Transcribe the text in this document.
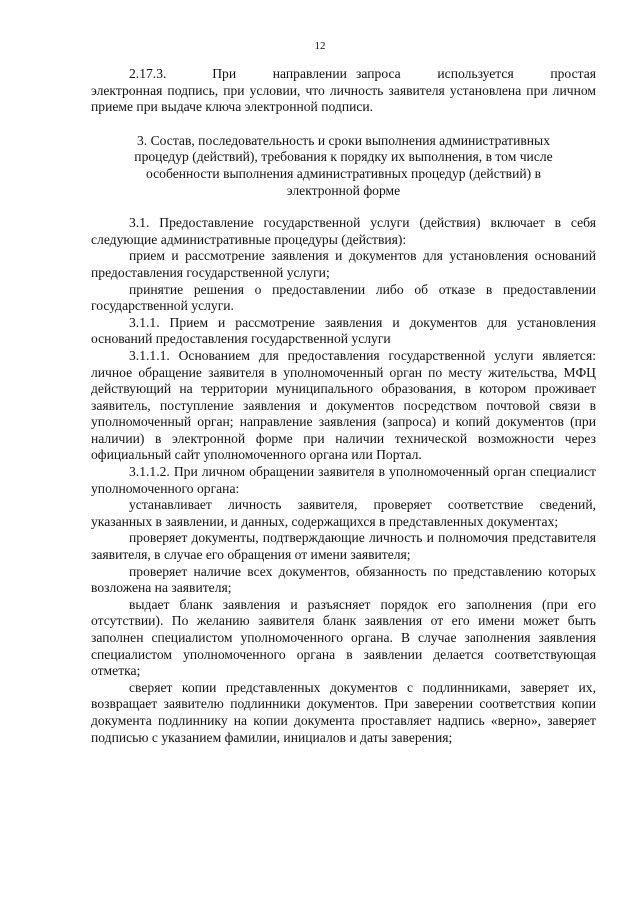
12

2.17.3.          При        направлении  запроса        используется        простая

электронная подпись, при условии, что личность заявителя установлена при личном приеме при выдаче ключа электронной подписи.

3. Состав, последовательность и сроки выполнения административных
процедур (действий), требования к порядку их выполнения, в том числе
особенности выполнения административных процедур (действий) в
электронной форме

3.1. Предоставление государственной услуги (действия) включает в себя следующие административные процедуры (действия):

прием и рассмотрение заявления и документов для установления оснований предоставления государственной услуги;

принятие решения о предоставлении либо об отказе в предоставлении государственной услуги.

3.1.1. Прием и рассмотрение заявления и документов для установления оснований предоставления государственной услуги

3.1.1.1. Основанием для предоставления государственной услуги является: личное обращение заявителя в уполномоченный орган по месту жительства, МФЦ действующий на территории муниципального образования, в котором проживает заявитель, поступление заявления и документов посредством почтовой связи в уполномоченный орган; направление заявления (запроса) и копий документов (при наличии) в электронной форме при наличии технической возможности через официальный сайт уполномоченного органа или Портал.

3.1.1.2. При личном обращении заявителя в уполномоченный орган специалист уполномоченного органа:

устанавливает личность заявителя, проверяет соответствие сведений, указанных в заявлении, и данных, содержащихся в представленных документах;

проверяет документы, подтверждающие личность и полномочия представителя заявителя, в случае его обращения от имени заявителя;

проверяет наличие всех документов, обязанность по представлению которых возложена на заявителя;

выдает бланк заявления и разъясняет порядок его заполнения (при его отсутствии). По желанию заявителя бланк заявления от его имени может быть заполнен специалистом уполномоченного органа. В случае заполнения заявления специалистом уполномоченного органа в заявлении делается соответствующая отметка;

сверяет копии представленных документов с подлинниками, заверяет их, возвращает заявителю подлинники документов. При заверении соответствия копии документа подлиннику на копии документа проставляет надпись «верно», заверяет подписью с указанием фамилии, инициалов и даты заверения;
